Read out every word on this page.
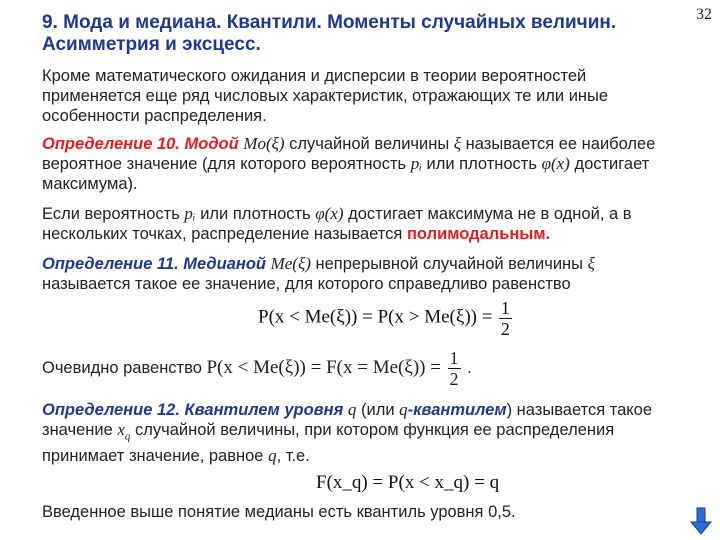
32
9. Мода и медиана. Квантили. Моменты случайных величин. Асимметрия и эксцесс.
Кроме математического ожидания и дисперсии в теории вероятностей применяется еще ряд числовых характеристик, отражающих те или иные особенности распределения.
Определение 10. Модой Mo(ξ) случайной величины ξ называется ее наиболее вероятное значение (для которого вероятность pᵢ или плотность φ(x) достигает максимума).
Если вероятность pᵢ или плотность φ(x) достигает максимума не в одной, а в нескольких точках, распределение называется полимодальным.
Определение 11. Медианой Me(ξ) непрерывной случайной величины ξ называется такое ее значение, для которого справедливо равенство
$P(x < Me(\xi)) = P(x > Me(\xi)) = \frac{1}{2}$
Очевидно равенство $P(x < Me(\xi)) = F(x = Me(\xi)) = \frac{1}{2}$ .
Определение 12. Квантилем уровня q (или q-квантилем) называется такое значение $x_q$ случайной величины, при котором функция ее распределения принимает значение, равное q, т.е.
F(x_q) = P(x < x_q) = q
Введенное выше понятие медианы есть квантиль уровня 0,5.
